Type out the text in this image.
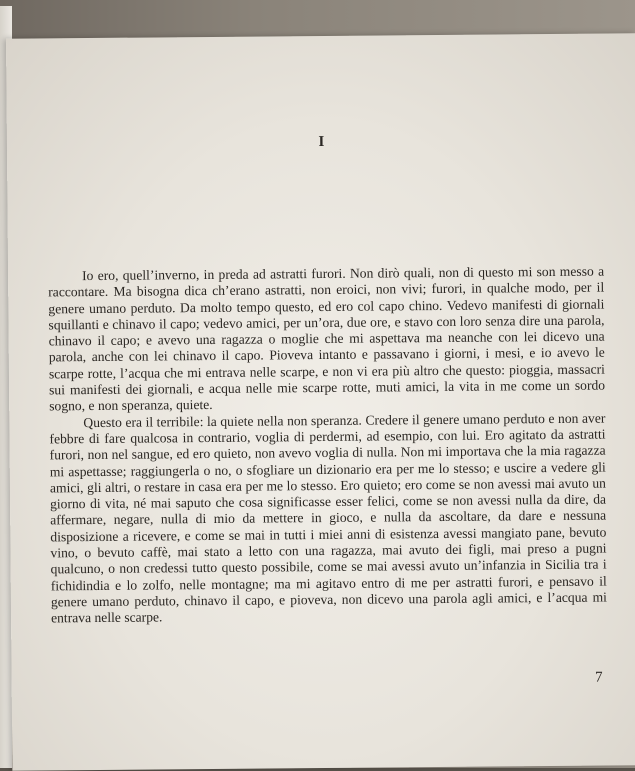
I

Io ero, quell’inverno, in preda ad astratti furori. Non dirò quali, non di questo mi son messo a raccontare. Ma bisogna dica ch’erano astratti, non eroici, non vivi; furori, in qualche modo, per il genere umano perduto. Da molto tempo questo, ed ero col capo chino. Vedevo manifesti di giornali squillanti e chinavo il capo; vedevo amici, per un’ora, due ore, e stavo con loro senza dire una parola, chinavo il capo; e avevo una ragazza o moglie che mi aspettava ma neanche con lei dicevo una parola, anche con lei chinavo il capo. Pioveva intanto e passavano i giorni, i mesi, e io avevo le scarpe rotte, l’acqua che mi entrava nelle scarpe, e non vi era più altro che questo: pioggia, massacri sui manifesti dei giornali, e acqua nelle mie scarpe rotte, muti amici, la vita in me come un sordo sogno, e non speranza, quiete.

Questo era il terribile: la quiete nella non speranza. Credere il genere umano perduto e non aver febbre di fare qualcosa in contrario, voglia di perdermi, ad esempio, con lui. Ero agitato da astratti furori, non nel sangue, ed ero quieto, non avevo voglia di nulla. Non mi importava che la mia ragazza mi aspettasse; raggiungerla o no, o sfogliare un dizionario era per me lo stesso; e uscire a vedere gli amici, gli altri, o restare in casa era per me lo stesso. Ero quieto; ero come se non avessi mai avuto un giorno di vita, né mai saputo che cosa significasse esser felici, come se non avessi nulla da dire, da affermare, negare, nulla di mio da mettere in gioco, e nulla da ascoltare, da dare e nessuna disposizione a ricevere, e come se mai in tutti i miei anni di esistenza avessi mangiato pane, bevuto vino, o bevuto caffè, mai stato a letto con una ragazza, mai avuto dei figli, mai preso a pugni qualcuno, o non credessi tutto questo possibile, come se mai avessi avuto un’infanzia in Sicilia tra i fichidindia e lo zolfo, nelle montagne; ma mi agitavo entro di me per astratti furori, e pensavo il genere umano perduto, chinavo il capo, e pioveva, non dicevo una parola agli amici, e l’acqua mi entrava nelle scarpe.

7
